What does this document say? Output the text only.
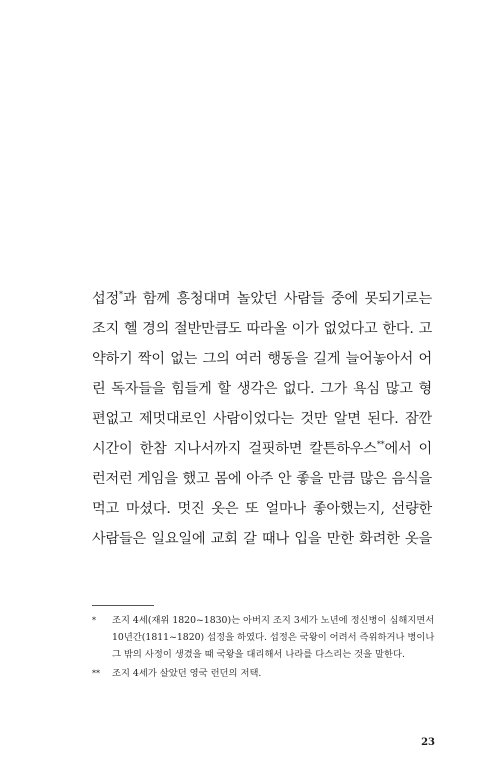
섭정*과 함께 흥청대며 놀았던 사람들 중에 못되기로는
조지 헬 경의 절반만큼도 따라올 이가 없었다고 한다. 고
약하기 짝이 없는 그의 여러 행동을 길게 늘어놓아서 어
린 독자들을 힘들게 할 생각은 없다. 그가 욕심 많고 형
편없고 제멋대로인 사람이었다는 것만 알면 된다. 잠깐
시간이 한참 지나서까지 걸핏하면 칼튼하우스**에서 이
런저런 게임을 했고 몸에 아주 안 좋을 만큼 많은 음식을
먹고 마셨다. 멋진 옷은 또 얼마나 좋아했는지, 선량한
사람들은 일요일에 교회 갈 때나 입을 만한 화려한 옷을
* 조지 4세(재위 1820~1830)는 아버지 조지 3세가 노년에 정신병이 심해지면서
10년간(1811~1820) 섭정을 하였다. 섭정은 국왕이 어려서 즉위하거나 병이나
그 밖의 사정이 생겼을 때 국왕을 대리해서 나라를 다스리는 것을 말한다.
** 조지 4세가 살았던 영국 런던의 저택.
23
